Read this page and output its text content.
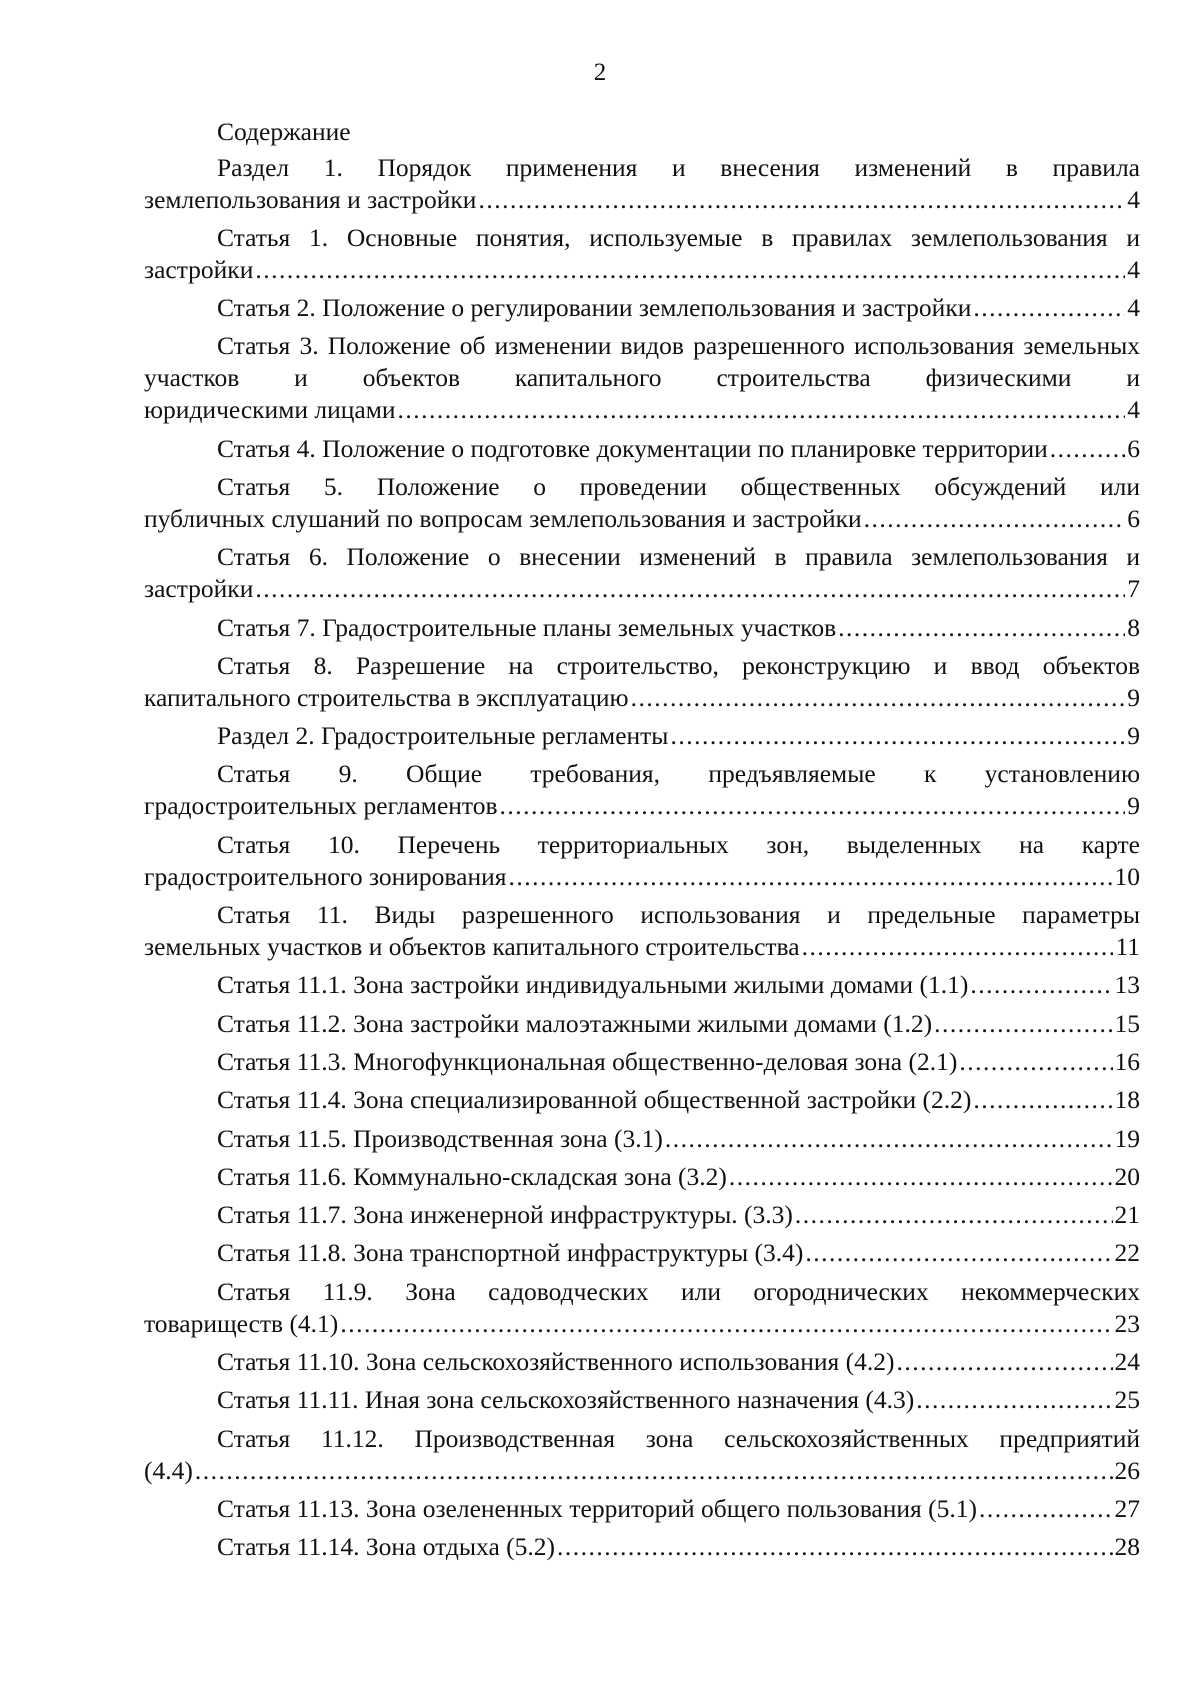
2
Содержание
Раздел 1. Порядок применения и внесения изменений в правила
землепользования и застройки .....	4
Статья 1. Основные понятия, используемые в правилах землепользования и
застройки .....	4
Статья 2. Положение о регулировании землепользования и застройки .....	4
Статья 3. Положение об изменении видов разрешенного использования земельных участков и объектов капитального строительства физическими и
юридическими лицами .....	4
Статья 4. Положение о подготовке документации по планировке территории .....	6
Статья 5. Положение о проведении общественных обсуждений или
публичных слушаний по вопросам землепользования и застройки .....	6
Статья 6. Положение о внесении изменений в правила землепользования и
застройки .....	7
Статья 7. Градостроительные планы земельных участков .....	8
Статья 8. Разрешение на строительство, реконструкцию и ввод объектов
капитального строительства в эксплуатацию .....	9
Раздел 2. Градостроительные регламенты .....	9
Статья 9. Общие требования, предъявляемые к установлению
градостроительных регламентов .....	9
Статья 10. Перечень территориальных зон, выделенных на карте
градостроительного зонирования .....	10
Статья 11. Виды разрешенного использования и предельные параметры
земельных участков и объектов капитального строительства .....	11
Статья 11.1. Зона застройки индивидуальными жилыми домами (1.1) .....	13
Статья 11.2. Зона застройки малоэтажными жилыми домами (1.2) .....	15
Статья 11.3. Многофункциональная общественно-деловая зона (2.1) .....	16
Статья 11.4. Зона специализированной общественной застройки (2.2) .....	18
Статья 11.5. Производственная зона (3.1) .....	19
Статья 11.6. Коммунально-складская зона (3.2) .....	20
Статья 11.7. Зона инженерной инфраструктуры. (3.3) .....	21
Статья 11.8. Зона транспортной инфраструктуры (3.4) .....	22
Статья 11.9. Зона садоводческих или огороднических некоммерческих
товариществ (4.1) .....	23
Статья 11.10. Зона сельскохозяйственного использования (4.2) .....	24
Статья 11.11. Иная зона сельскохозяйственного назначения (4.3) .....	25
Статья 11.12. Производственная зона сельскохозяйственных предприятий
(4.4) .....	26
Статья 11.13. Зона озелененных территорий общего пользования (5.1) .....	27
Статья 11.14. Зона отдыха (5.2) .....	28
